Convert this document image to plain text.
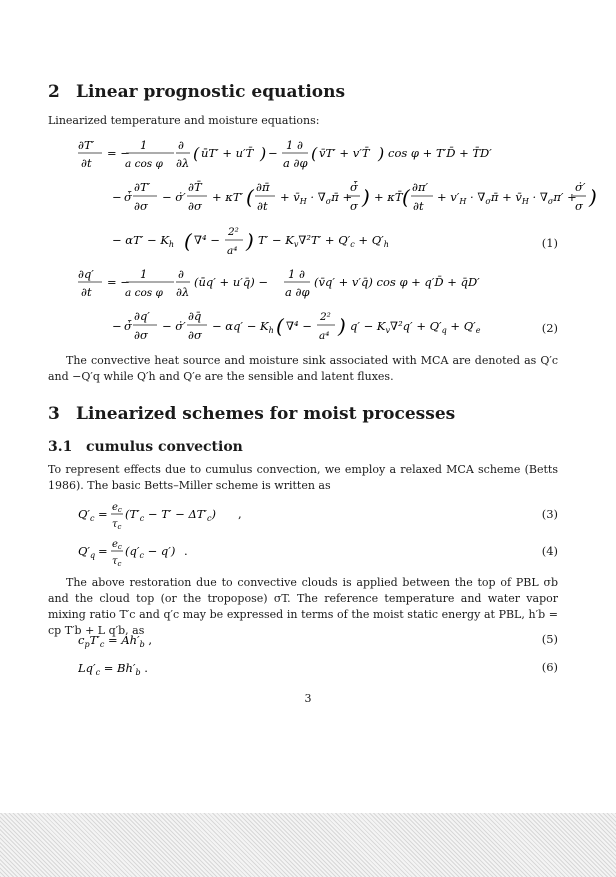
2 Linear prognostic equations
Linearized temperature and moisture equations:
∂T′
∂t
= −
1
a cos φ
∂
∂λ ( ūT′ + u′T̄ ) −
1 ∂
a ∂φ ( v̄T′ + v′T̄ ) cos φ + T′D̄ + T̄D′
− σ̇̄
∂T′
∂σ
− σ̇′
∂T̄
∂σ
+ κT′ ( ∂π̄
∂t
+ $v̄_H$ · $\nabla_\sigma\pī$ +
σ̇̄
σ ) + κT̄ ( ∂π′
∂t
+ $v'_H$ · $\nabla_\sigma\pī$ + $v̄_H \cdot \nabla_\sigma\pi'$ +
σ̇′
σ )
− $\alpha T' - K_h$ ( ∇⁴ −
2²
a⁴ ) $T' - K_v\nabla^2T' + Q'_c + Q'_h$	(1)
∂q′
∂t
= −
1
a cos φ
∂
∂λ
(ūq′ + u′q̄) −
1 ∂
a ∂φ
(v̄q′ + v′q̄) cos φ + q′D̄ + q̄D′
− σ̇̄
∂q′
∂σ
− σ̇′
∂q̄
∂σ
− $\alpha q' - K_h$ ( ∇⁴ −
2²
a⁴ ) $q' - K_v\nabla^2q' + Q'_q + Q'_e$	(2)
The convective heat source and moisture sink associated with MCA are denoted as Q′c and −Q′q while Q′h and Q′e are the sensible and latent fluxes.
3 Linearized schemes for moist processes
3.1 cumulus convection
To represent effects due to cumulus convection, we employ a relaxed MCA scheme (Betts 1986). The basic Betts–Miller scheme is written as
$Q'_c = e_c$
$\tau_c$
$(T'_c - T' - \Delta T'_c)$ ,	(3)
$Q'_q = e_c$
$\tau_c$
$(q'_c - q')$ .	(4)
The above restoration due to convective clouds is applied between the top of PBL σb and the cloud top (or the tropopose) σT. The reference temperature and water vapor mixing ratio T′c and q′c may be expressed in terms of the moist static energy at PBL, h′b = cp T′b + L q′b, as
$c_pT'_c = Ah'_b$ ,	(5)
$Lq'_c = Bh'_b$ .	(6)
3
